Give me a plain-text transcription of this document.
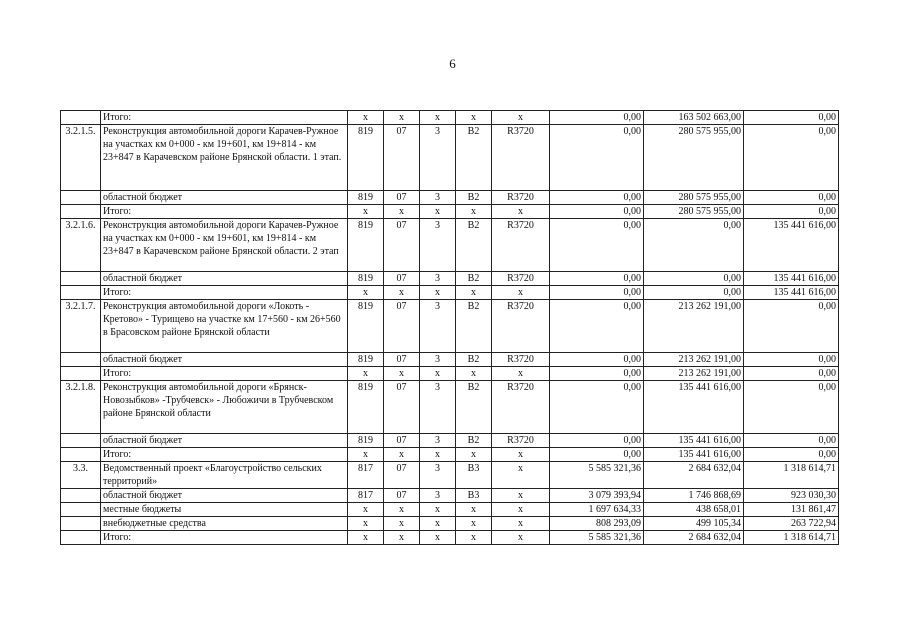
6
	Итого:	x	x	x	x	x	0,00	163 502 663,00	0,00
3.2.1.5.	Реконструкция автомобильной дороги Карачев-Ружное на участках км 0+000 - км 19+601, км 19+814 - км 23+847 в Карачевском районе Брянской области. 1 этап.	819	07	3	В2	R3720	0,00	280 575 955,00	0,00
	областной бюджет	819	07	3	В2	R3720	0,00	280 575 955,00	0,00
	Итого:	x	x	x	x	x	0,00	280 575 955,00	0,00
3.2.1.6.	Реконструкция автомобильной дороги Карачев-Ружное на участках км 0+000 - км 19+601, км 19+814 - км 23+847 в Карачевском районе Брянской области. 2 этап	819	07	3	В2	R3720	0,00	0,00	135 441 616,00
	областной бюджет	819	07	3	В2	R3720	0,00	0,00	135 441 616,00
	Итого:	x	x	x	x	x	0,00	0,00	135 441 616,00
3.2.1.7.	Реконструкция автомобильной дороги «Локоть - Кретово» - Турищево на участке км 17+560 - км 26+560 в Брасовском районе Брянской области	819	07	3	В2	R3720	0,00	213 262 191,00	0,00
	областной бюджет	819	07	3	В2	R3720	0,00	213 262 191,00	0,00
	Итого:	x	x	x	x	x	0,00	213 262 191,00	0,00
3.2.1.8.	Реконструкция автомобильной дороги «Брянск-Новозыбков» -Трубчевск» - Любожичи в Трубчевском районе Брянской области	819	07	3	В2	R3720	0,00	135 441 616,00	0,00
	областной бюджет	819	07	3	В2	R3720	0,00	135 441 616,00	0,00
	Итого:	x	x	x	x	x	0,00	135 441 616,00	0,00
3.3.	Ведомственный проект «Благоустройство сельских территорий»	817	07	3	В3	x	5 585 321,36	2 684 632,04	1 318 614,71
	областной бюджет	817	07	3	В3	x	3 079 393,94	1 746 868,69	923 030,30
	местные бюджеты	x	x	x	x	x	1 697 634,33	438 658,01	131 861,47
	внебюджетные средства	x	x	x	x	x	808 293,09	499 105,34	263 722,94
	Итого:	x	x	x	x	x	5 585 321,36	2 684 632,04	1 318 614,71
